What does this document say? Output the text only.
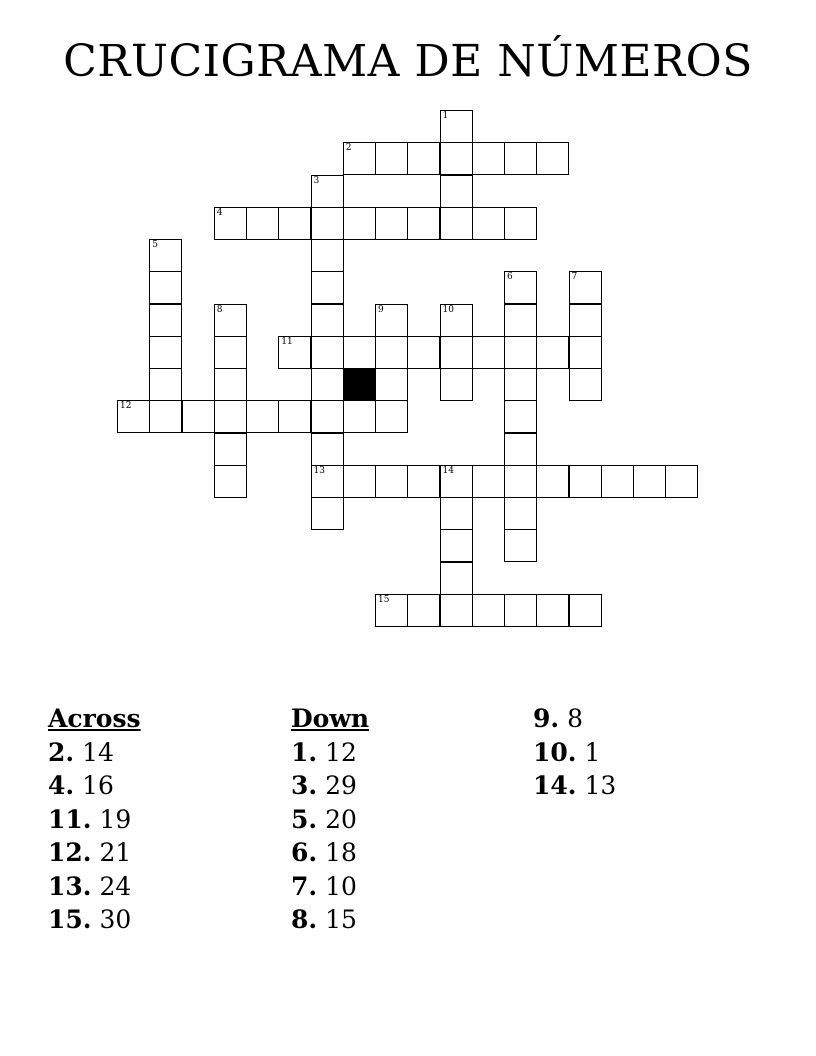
CRUCIGRAMA DE NÚMEROS
1
2
3
4
5
6	7
8	9	10
11
12
13	14
15
Across
2. 14
4. 16
11. 19
12. 21
13. 24
15. 30
Down
1. 12
3. 29
5. 20
6. 18
7. 10
8. 15
9. 8
10. 1
14. 13
